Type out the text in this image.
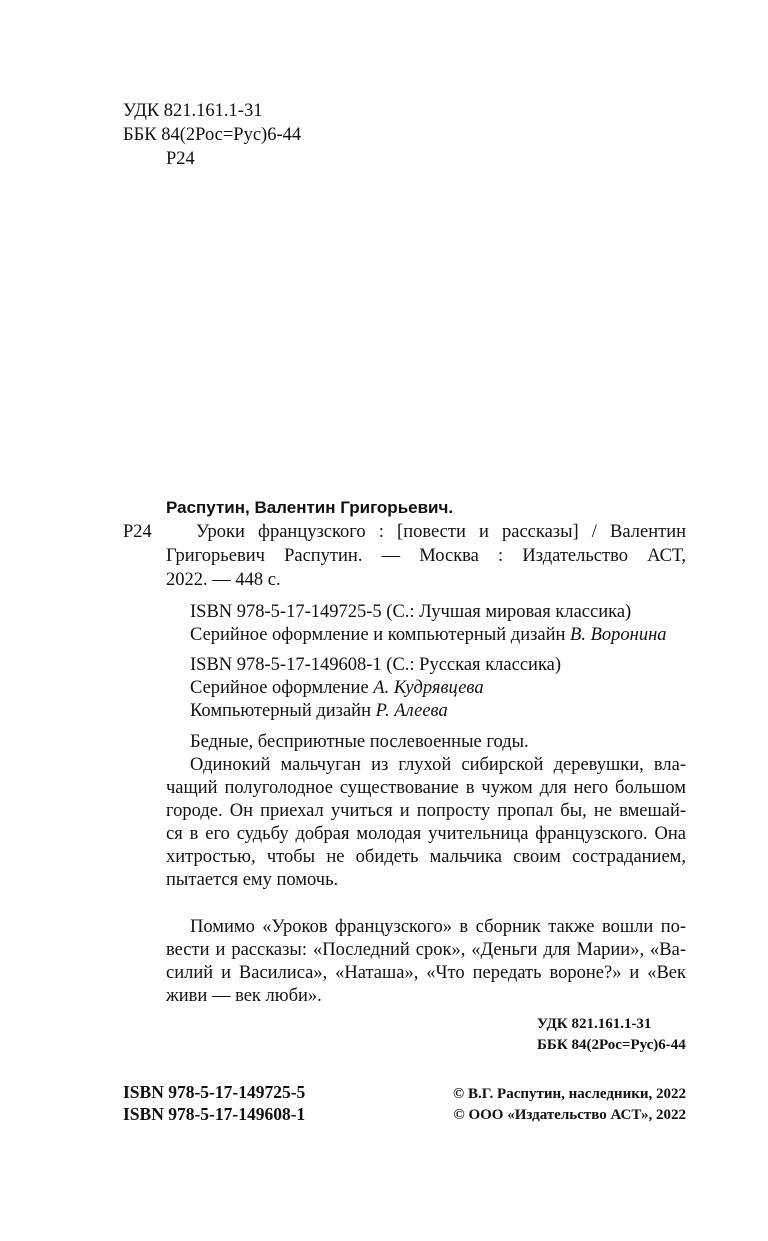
УДК 821.161.1-31
ББК 84(2Рос=Рус)6-44
Р24
Распутин, Валентин Григорьевич.
Р24 Уроки французского : [повести и рассказы] / Валентин
Григорьевич Распутин. — Москва : Издательство АСТ,
2022. — 448 с.
ISBN 978-5-17-149725-5 (С.: Лучшая мировая классика)
Серийное оформление и компьютерный дизайн В. Воронина
ISBN 978-5-17-149608-1 (С.: Русская классика)
Серийное оформление А. Кудрявцева
Компьютерный дизайн Р. Алеева
Бедные, бесприютные послевоенные годы.
Одинокий мальчуган из глухой сибирской деревушки, вла-
чащий полуголодное существование в чужом для него большом
городе. Он приехал учиться и попросту пропал бы, не вмешай-
ся в его судьбу добрая молодая учительница французского. Она
хитростью, чтобы не обидеть мальчика своим состраданием,
пытается ему помочь.
Помимо «Уроков французского» в сборник также вошли по-
вести и рассказы: «Последний срок», «Деньги для Марии», «Ва-
силий и Василиса», «Наташа», «Что передать вороне?» и «Век
живи — век люби».
УДК 821.161.1-31
ББК 84(2Рос=Рус)6-44
ISBN 978-5-17-149725-5
ISBN 978-5-17-149608-1
© В.Г. Распутин, наследники, 2022
© ООО «Издательство АСТ», 2022
